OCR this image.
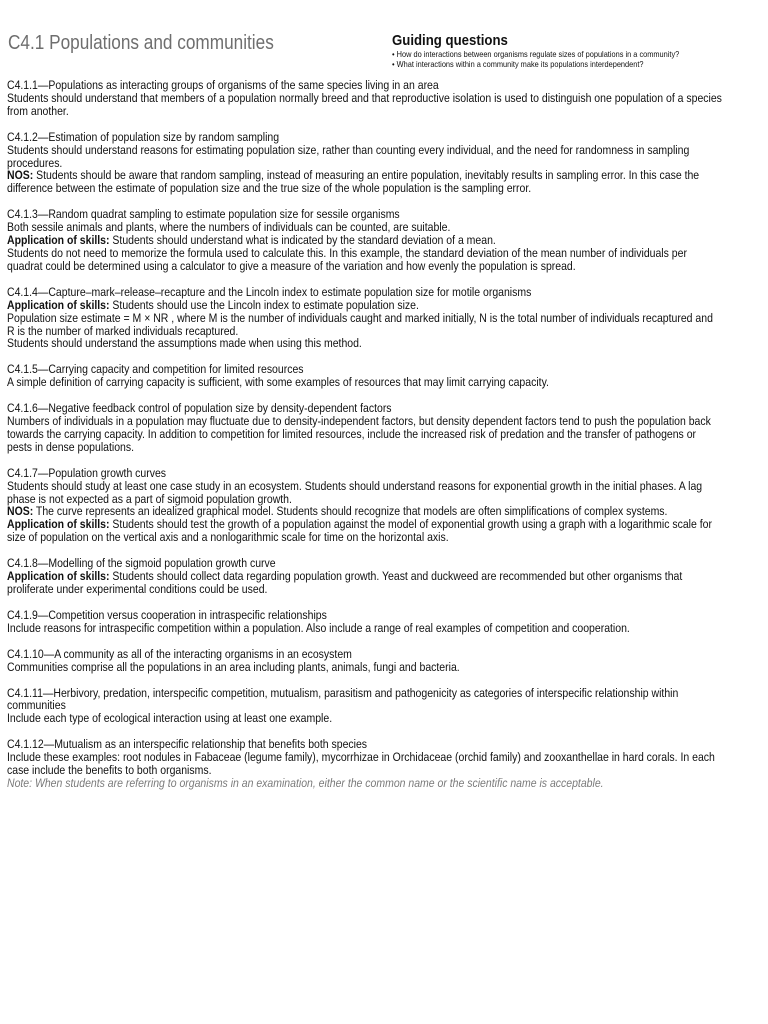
C4.1 Populations and communities	Guiding questions
• How do interactions between organisms regulate sizes of populations in a community?
• What interactions within a community make its populations interdependent?
C4.1.1—Populations as interacting groups of organisms of the same species living in an area
Students should understand that members of a population normally breed and that reproductive isolation is used to distinguish one population of a species
from another.
C4.1.2—Estimation of population size by random sampling
Students should understand reasons for estimating population size, rather than counting every individual, and the need for randomness in sampling
procedures.
NOS: Students should be aware that random sampling, instead of measuring an entire population, inevitably results in sampling error. In this case the
difference between the estimate of population size and the true size of the whole population is the sampling error.
C4.1.3—Random quadrat sampling to estimate population size for sessile organisms
Both sessile animals and plants, where the numbers of individuals can be counted, are suitable.
Application of skills: Students should understand what is indicated by the standard deviation of a mean.
Students do not need to memorize the formula used to calculate this. In this example, the standard deviation of the mean number of individuals per
quadrat could be determined using a calculator to give a measure of the variation and how evenly the population is spread.
C4.1.4—Capture–mark–release–recapture and the Lincoln index to estimate population size for motile organisms
Application of skills: Students should use the Lincoln index to estimate population size.
Population size estimate = M × NR , where M is the number of individuals caught and marked initially, N is the total number of individuals recaptured and
R is the number of marked individuals recaptured.
Students should understand the assumptions made when using this method.
C4.1.5—Carrying capacity and competition for limited resources
A simple definition of carrying capacity is sufficient, with some examples of resources that may limit carrying capacity.
C4.1.6—Negative feedback control of population size by density-dependent factors
Numbers of individuals in a population may fluctuate due to density-independent factors, but density dependent factors tend to push the population back
towards the carrying capacity. In addition to competition for limited resources, include the increased risk of predation and the transfer of pathogens or
pests in dense populations.
C4.1.7—Population growth curves
Students should study at least one case study in an ecosystem. Students should understand reasons for exponential growth in the initial phases. A lag
phase is not expected as a part of sigmoid population growth.
NOS: The curve represents an idealized graphical model. Students should recognize that models are often simplifications of complex systems.
Application of skills: Students should test the growth of a population against the model of exponential growth using a graph with a logarithmic scale for
size of population on the vertical axis and a nonlogarithmic scale for time on the horizontal axis.
C4.1.8—Modelling of the sigmoid population growth curve
Application of skills: Students should collect data regarding population growth. Yeast and duckweed are recommended but other organisms that
proliferate under experimental conditions could be used.
C4.1.9—Competition versus cooperation in intraspecific relationships
Include reasons for intraspecific competition within a population. Also include a range of real examples of competition and cooperation.
C4.1.10—A community as all of the interacting organisms in an ecosystem
Communities comprise all the populations in an area including plants, animals, fungi and bacteria.
C4.1.11—Herbivory, predation, interspecific competition, mutualism, parasitism and pathogenicity as categories of interspecific relationship within
communities
Include each type of ecological interaction using at least one example.
C4.1.12—Mutualism as an interspecific relationship that benefits both species
Include these examples: root nodules in Fabaceae (legume family), mycorrhizae in Orchidaceae (orchid family) and zooxanthellae in hard corals. In each
case include the benefits to both organisms.
Note: When students are referring to organisms in an examination, either the common name or the scientific name is acceptable.
